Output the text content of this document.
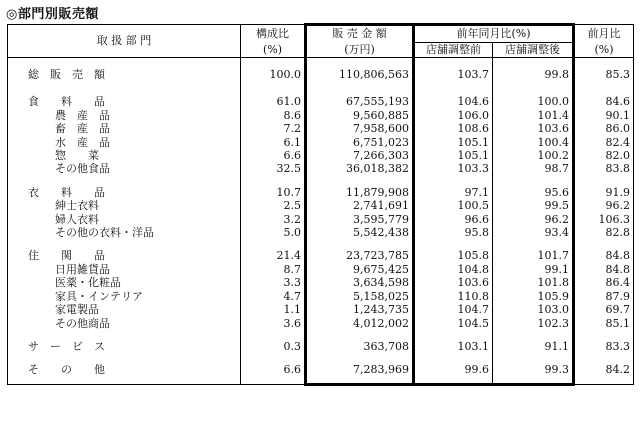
◎部門別販売額
取 扱 部 門	構成比	販 売 金 額	前年同月比(%)		前月比
	(%)	(万円)	店舗調整前	店舗調整後	(%)

総　販　売　額	100.0	110,806,563	103.7	99.8	85.3

食　　料　　品	61.0	67,555,193	104.6	100.0	84.6
農　産　品	8.6	9,560,885	106.0	101.4	90.1
畜　産　品	7.2	7,958,600	108.6	103.6	86.0
水　産　品	6.1	6,751,023	105.1	100.4	82.4
惣　　菜	6.6	7,266,303	105.1	100.2	82.0
その他食品	32.5	36,018,382	103.3	98.7	83.8

衣　　料　　品	10.7	11,879,908	97.1	95.6	91.9
紳士衣料	2.5	2,741,691	100.5	99.5	96.2
婦人衣料	3.2	3,595,779	96.6	96.2	106.3
その他の衣料・洋品	5.0	5,542,438	95.8	93.4	82.8

住　　関　　品	21.4	23,723,785	105.8	101.7	84.8
日用雑貨品	8.7	9,675,425	104.8	99.1	84.8
医薬・化粧品	3.3	3,634,598	103.6	101.8	86.4
家具・インテリア	4.7	5,158,025	110.8	105.9	87.9
家電製品	1.1	1,243,735	104.7	103.0	69.7
その他商品	3.6	4,012,002	104.5	102.3	85.1

サ　ー　ビ　ス	0.3	363,708	103.1	91.1	83.3

そ　　の　　他	6.6	7,283,969	99.6	99.3	84.2
